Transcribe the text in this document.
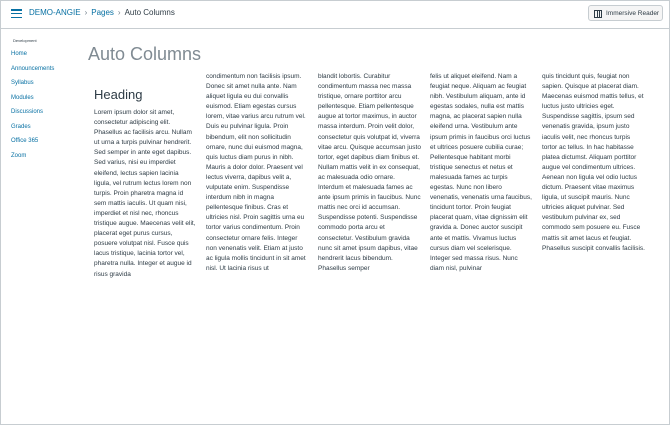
DEMO-ANGIE › Pages › Auto Columns	Immersive Reader
Development
Home
Announcements
Syllabus
Modules
Discussions
Grades
Office 365
Zoom
Auto Columns
Heading

Lorem ipsum dolor sit amet, consectetur adipiscing elit. Phasellus ac facilisis arcu. Nullam ut urna a turpis pulvinar hendrerit. Sed semper in ante eget dapibus. Sed varius, nisi eu imperdiet eleifend, lectus sapien lacinia ligula, vel rutrum lectus lorem non turpis. Proin pharetra magna id sem mattis iaculis. Ut quam nisi, imperdiet et nisl nec, rhoncus tristique augue. Maecenas velit elit, placerat eget purus cursus, posuere volutpat nisl. Fusce quis lacus tristique, lacinia tortor vel, pharetra nulla. Integer et augue id risus gravida

condimentum non facilisis ipsum. Donec sit amet nulla ante. Nam aliquet ligula eu dui convallis euismod. Etiam egestas cursus lorem, vitae varius arcu rutrum vel. Duis eu pulvinar ligula. Proin bibendum, elit non sollicitudin ornare, nunc dui euismod magna, quis luctus diam purus in nibh. Mauris a dolor dolor. Praesent vel lectus viverra, dapibus velit a, vulputate enim. Suspendisse interdum nibh in magna pellentesque finibus. Cras et ultricies nisl. Proin sagittis urna eu tortor varius condimentum. Proin consectetur ornare felis. Integer non venenatis velit. Etiam at justo ac ligula mollis tincidunt in sit amet nisl. Ut lacinia risus ut

blandit lobortis. Curabitur condimentum massa nec massa tristique, ornare porttitor arcu pellentesque. Etiam pellentesque augue at tortor maximus, in auctor massa interdum. Proin velit dolor, consectetur quis volutpat id, viverra vitae arcu. Quisque accumsan justo tortor, eget dapibus diam finibus et. Nullam mattis velit in ex consequat, ac malesuada odio ornare. Interdum et malesuada fames ac ante ipsum primis in faucibus. Nunc mattis nec orci id accumsan. Suspendisse potenti. Suspendisse commodo porta arcu et consectetur. Vestibulum gravida nunc sit amet ipsum dapibus, vitae hendrerit lacus bibendum. Phasellus semper

felis ut aliquet eleifend. Nam a feugiat neque. Aliquam ac feugiat nibh. Vestibulum aliquam, ante id egestas sodales, nulla est mattis magna, ac placerat sapien nulla eleifend urna. Vestibulum ante ipsum primis in faucibus orci luctus et ultrices posuere cubilia curae; Pellentesque habitant morbi tristique senectus et netus et malesuada fames ac turpis egestas. Nunc non libero venenatis, venenatis urna faucibus, tincidunt tortor. Proin feugiat placerat quam, vitae dignissim elit gravida a. Donec auctor suscipit ante et mattis. Vivamus luctus cursus diam vel scelerisque. Integer sed massa risus. Nunc diam nisl, pulvinar

quis tincidunt quis, feugiat non sapien. Quisque at placerat diam. Maecenas euismod mattis tellus, et luctus justo ultricies eget. Suspendisse sagittis, ipsum sed venenatis gravida, ipsum justo iaculis velit, nec rhoncus turpis tortor ac tellus. In hac habitasse platea dictumst. Aliquam porttitor augue vel condimentum ultrices. Aenean non ligula vel odio luctus dictum. Praesent vitae maximus ligula, ut suscipit mauris. Nunc ultricies aliquet pulvinar. Sed vestibulum pulvinar ex, sed commodo sem posuere eu. Fusce mattis sit amet lacus et feugiat. Phasellus suscipit convallis facilisis.
